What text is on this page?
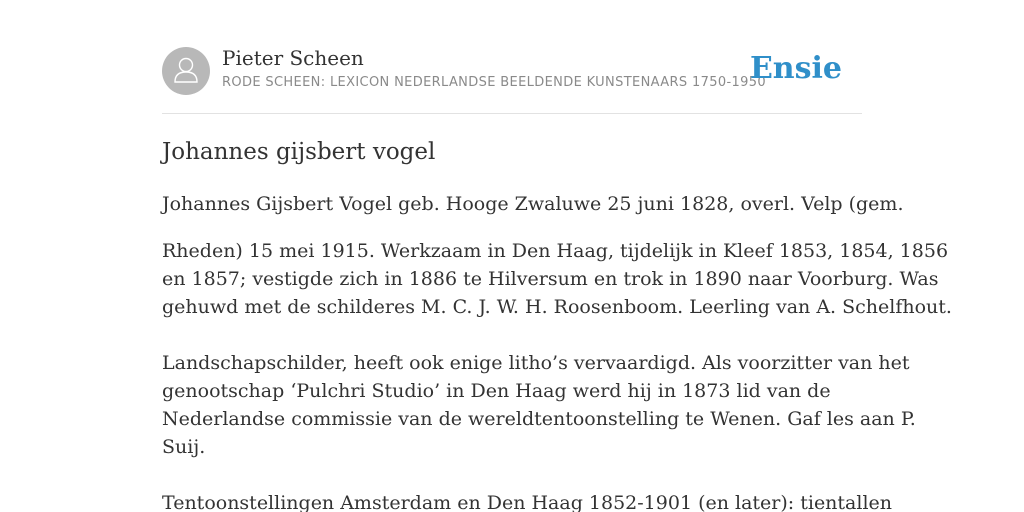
Pieter Scheen
RODE SCHEEN: LEXICON NEDERLANDSE BEELDENDE KUNSTENAARS 1750-1950
Ensie
Johannes gijsbert vogel

Johannes Gijsbert Vogel geb. Hooge Zwaluwe 25 juni 1828, overl. Velp (gem.

Rheden) 15 mei 1915. Werkzaam in Den Haag, tijdelijk in Kleef 1853, 1854, 1856
en 1857; vestigde zich in 1886 te Hilversum en trok in 1890 naar Voorburg. Was
gehuwd met de schilderes M. C. J. W. H. Roosenboom. Leerling van A. Schelfhout.

Landschapschilder, heeft ook enige litho’s vervaardigd. Als voorzitter van het
genootschap ‘Pulchri Studio’ in Den Haag werd hij in 1873 lid van de
Nederlandse commissie van de wereldtentoonstelling te Wenen. Gaf les aan P.
Suij.

Tentoonstellingen Amsterdam en Den Haag 1852-1901 (en later): tientallen
